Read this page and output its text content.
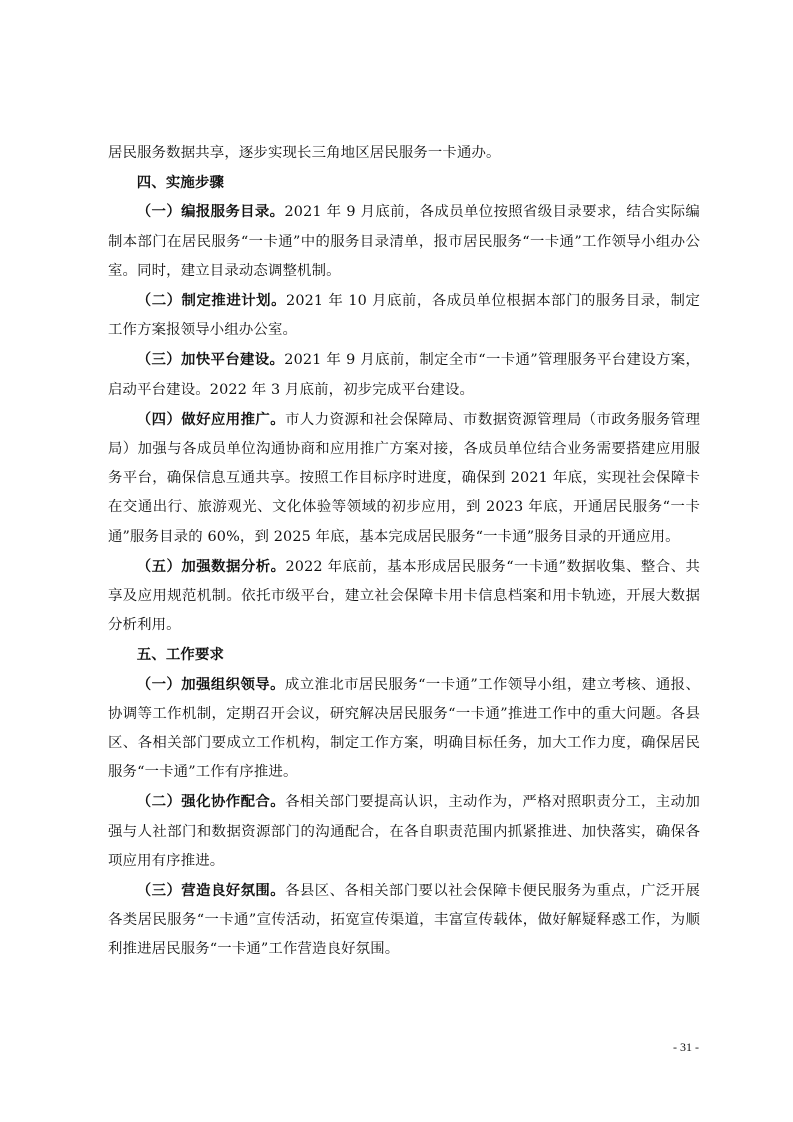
居民服务数据共享，逐步实现长三角地区居民服务一卡通办。

四、实施步骤

（一）编报服务目录。2021 年 9 月底前，各成员单位按照省级目录要求，结合实际编制本部门在居民服务“一卡通”中的服务目录清单，报市居民服务“一卡通”工作领导小组办公室。同时，建立目录动态调整机制。

（二）制定推进计划。2021 年 10 月底前，各成员单位根据本部门的服务目录，制定工作方案报领导小组办公室。

（三）加快平台建设。2021 年 9 月底前，制定全市“一卡通”管理服务平台建设方案，启动平台建设。2022 年 3 月底前，初步完成平台建设。

（四）做好应用推广。市人力资源和社会保障局、市数据资源管理局（市政务服务管理局）加强与各成员单位沟通协商和应用推广方案对接，各成员单位结合业务需要搭建应用服务平台，确保信息互通共享。按照工作目标序时进度，确保到 2021 年底，实现社会保障卡在交通出行、旅游观光、文化体验等领域的初步应用，到 2023 年底，开通居民服务“一卡通”服务目录的 60%，到 2025 年底，基本完成居民服务“一卡通”服务目录的开通应用。

（五）加强数据分析。2022 年底前，基本形成居民服务“一卡通”数据收集、整合、共享及应用规范机制。依托市级平台，建立社会保障卡用卡信息档案和用卡轨迹，开展大数据分析利用。

五、工作要求

（一）加强组织领导。成立淮北市居民服务“一卡通”工作领导小组，建立考核、通报、协调等工作机制，定期召开会议，研究解决居民服务“一卡通”推进工作中的重大问题。各县区、各相关部门要成立工作机构，制定工作方案，明确目标任务，加大工作力度，确保居民服务“一卡通”工作有序推进。

（二）强化协作配合。各相关部门要提高认识，主动作为，严格对照职责分工，主动加强与人社部门和数据资源部门的沟通配合，在各自职责范围内抓紧推进、加快落实，确保各项应用有序推进。

（三）营造良好氛围。各县区、各相关部门要以社会保障卡便民服务为重点，广泛开展各类居民服务“一卡通”宣传活动，拓宽宣传渠道，丰富宣传载体，做好解疑释惑工作，为顺利推进居民服务“一卡通”工作营造良好氛围。

- 31 -
